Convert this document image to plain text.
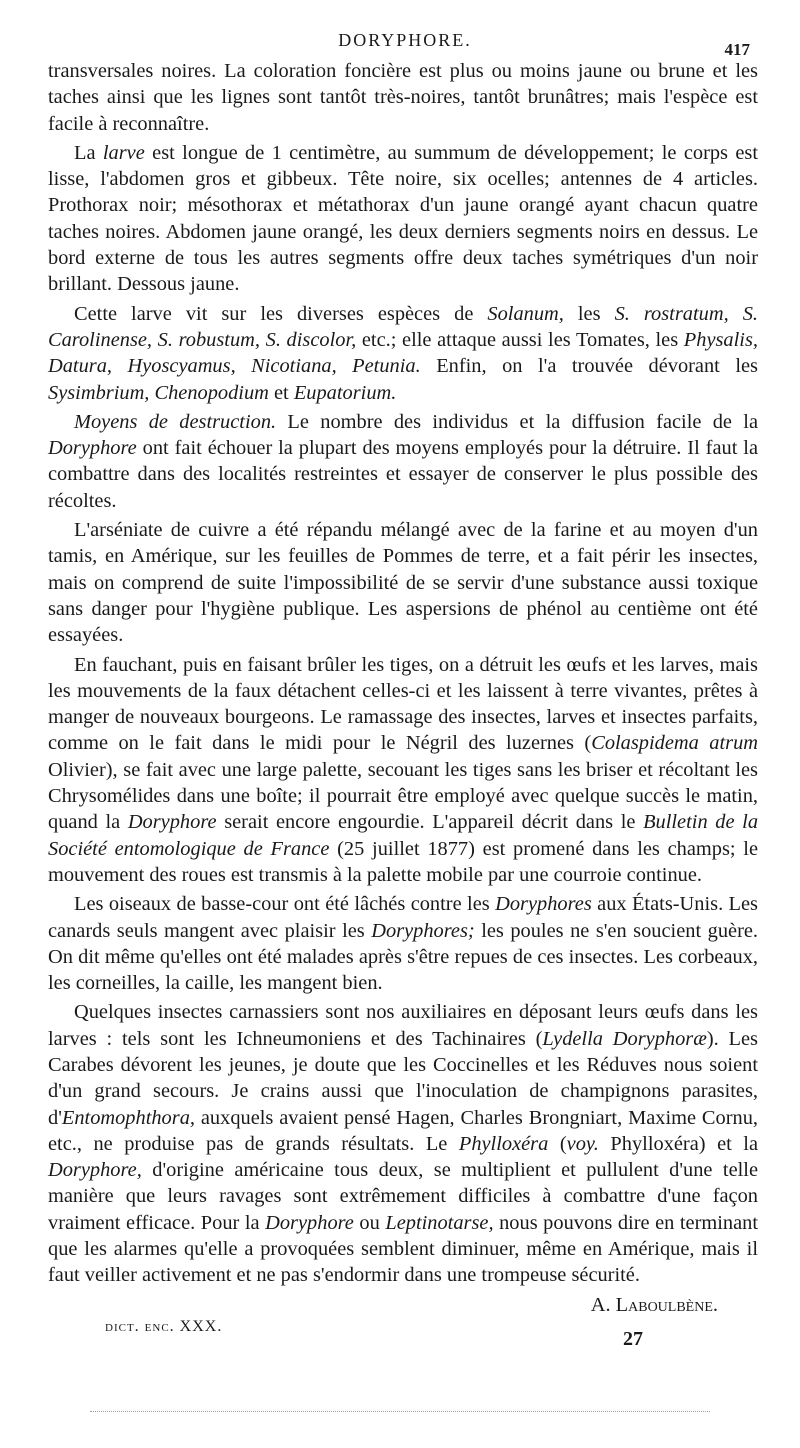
DORYPHORE.	417

transversales noires. La coloration foncière est plus ou moins jaune ou brune et les taches ainsi que les lignes sont tantôt très-noires, tantôt brunâtres; mais l'espèce est facile à reconnaître.

La larve est longue de 1 centimètre, au summum de développement; le corps est lisse, l'abdomen gros et gibbeux. Tête noire, six ocelles; antennes de 4 articles. Prothorax noir; mésothorax et métathorax d'un jaune orangé ayant chacun quatre taches noires. Abdomen jaune orangé, les deux derniers segments noirs en dessus. Le bord externe de tous les autres segments offre deux taches symétriques d'un noir brillant. Dessous jaune.

Cette larve vit sur les diverses espèces de Solanum, les S. rostratum, S. Carolinense, S. robustum, S. discolor, etc.; elle attaque aussi les Tomates, les Physalis, Datura, Hyoscyamus, Nicotiana, Petunia. Enfin, on l'a trouvée dévorant les Sysimbrium, Chenopodium et Eupatorium.

Moyens de destruction. Le nombre des individus et la diffusion facile de la Doryphore ont fait échouer la plupart des moyens employés pour la détruire. Il faut la combattre dans des localités restreintes et essayer de conserver le plus possible des récoltes.

L'arséniate de cuivre a été répandu mélangé avec de la farine et au moyen d'un tamis, en Amérique, sur les feuilles de Pommes de terre, et a fait périr les insectes, mais on comprend de suite l'impossibilité de se servir d'une substance aussi toxique sans danger pour l'hygiène publique. Les aspersions de phénol au centième ont été essayées.

En fauchant, puis en faisant brûler les tiges, on a détruit les œufs et les larves, mais les mouvements de la faux détachent celles-ci et les laissent à terre vivantes, prêtes à manger de nouveaux bourgeons. Le ramassage des insectes, larves et insectes parfaits, comme on le fait dans le midi pour le Négril des luzernes (Colaspidema atrum Olivier), se fait avec une large palette, secouant les tiges sans les briser et récoltant les Chrysomélides dans une boîte; il pourrait être employé avec quelque succès le matin, quand la Doryphore serait encore engourdie. L'appareil décrit dans le Bulletin de la Société entomologique de France (25 juillet 1877) est promené dans les champs; le mouvement des roues est transmis à la palette mobile par une courroie continue.

Les oiseaux de basse-cour ont été lâchés contre les Doryphores aux États-Unis. Les canards seuls mangent avec plaisir les Doryphores; les poules ne s'en soucient guère. On dit même qu'elles ont été malades après s'être repues de ces insectes. Les corbeaux, les corneilles, la caille, les mangent bien.

Quelques insectes carnassiers sont nos auxiliaires en déposant leurs œufs dans les larves : tels sont les Ichneumoniens et des Tachinaires (Lydella Doryphoræ). Les Carabes dévorent les jeunes, je doute que les Coccinelles et les Réduves nous soient d'un grand secours. Je crains aussi que l'inoculation de champignons parasites, d'Entomophthora, auxquels avaient pensé Hagen, Charles Brongniart, Maxime Cornu, etc., ne produise pas de grands résultats. Le Phylloxéra (voy. Phylloxéra) et la Doryphore, d'origine américaine tous deux, se multiplient et pullulent d'une telle manière que leurs ravages sont extrêmement difficiles à combattre d'une façon vraiment efficace. Pour la Doryphore ou Leptinotarse, nous pouvons dire en terminant que les alarmes qu'elle a provoquées semblent diminuer, même en Amérique, mais il faut veiller activement et ne pas s'endormir dans une trompeuse sécurité.

A. Laboulbène.
dict. enc. XXX.
27
